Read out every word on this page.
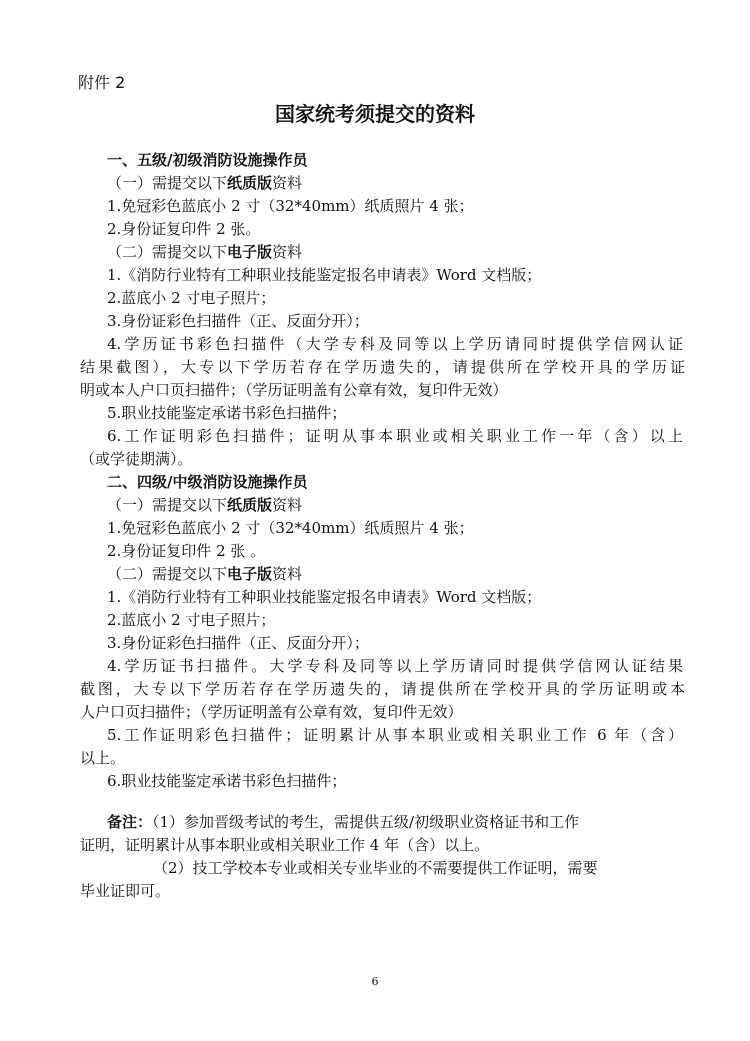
附件 2
国家统考须提交的资料
一、五级/初级消防设施操作员
（一）需提交以下纸质版资料
1.免冠彩色蓝底小 2 寸（32*40mm）纸质照片 4 张；
2.身份证复印件 2 张。
（二）需提交以下电子版资料
1.《消防行业特有工种职业技能鉴定报名申请表》Word 文档版；
2.蓝底小 2 寸电子照片；
3.身份证彩色扫描件（正、反面分开）；
4.学历证书彩色扫描件（大学专科及同等以上学历请同时提供学信网认证
结果截图），大专以下学历若存在学历遗失的，请提供所在学校开具的学历证
明或本人户口页扫描件；（学历证明盖有公章有效，复印件无效）
5.职业技能鉴定承诺书彩色扫描件；
6.工作证明彩色扫描件；证明从事本职业或相关职业工作一年（含）以上
（或学徒期满）。
二、四级/中级消防设施操作员
（一）需提交以下纸质版资料
1.免冠彩色蓝底小 2 寸（32*40mm）纸质照片 4 张；
2.身份证复印件 2 张 。
（二）需提交以下电子版资料
1.《消防行业特有工种职业技能鉴定报名申请表》Word 文档版；
2.蓝底小 2 寸电子照片；
3.身份证彩色扫描件（正、反面分开）；
4.学历证书扫描件。大学专科及同等以上学历请同时提供学信网认证结果
截图，大专以下学历若存在学历遗失的，请提供所在学校开具的学历证明或本
人户口页扫描件；（学历证明盖有公章有效，复印件无效）
5.工作证明彩色扫描件；证明累计从事本职业或相关职业工作 6 年（含）
以上。
6.职业技能鉴定承诺书彩色扫描件；
备注：（1）参加晋级考试的考生，需提供五级/初级职业资格证书和工作
证明，证明累计从事本职业或相关职业工作 4 年（含）以上。
（2）技工学校本专业或相关专业毕业的不需要提供工作证明，需要
毕业证即可。
6
